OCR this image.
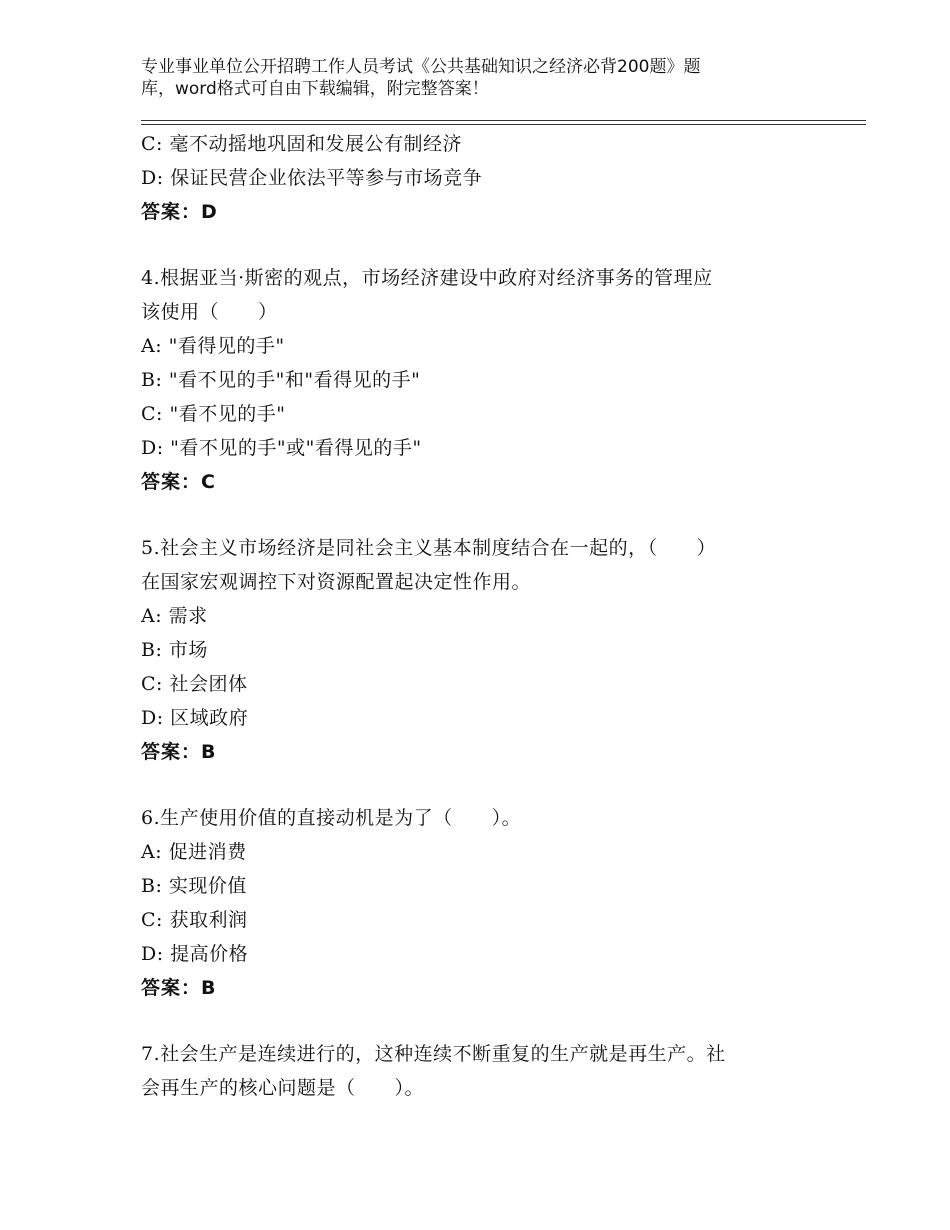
专业事业单位公开招聘工作人员考试《公共基础知识之经济必背200题》题
库，word格式可自由下载编辑，附完整答案！
C: 毫不动摇地巩固和发展公有制经济
D: 保证民营企业依法平等参与市场竞争
答案：D
4.根据亚当·斯密的观点，市场经济建设中政府对经济事务的管理应
该使用（　　）
A: "看得见的手"
B: "看不见的手"和"看得见的手"
C: "看不见的手"
D: "看不见的手"或"看得见的手"
答案：C
5.社会主义市场经济是同社会主义基本制度结合在一起的，（　　）
在国家宏观调控下对资源配置起决定性作用。
A: 需求
B: 市场
C: 社会团体
D: 区域政府
答案：B
6.生产使用价值的直接动机是为了（　　）。
A: 促进消费
B: 实现价值
C: 获取利润
D: 提高价格
答案：B
7.社会生产是连续进行的，这种连续不断重复的生产就是再生产。社
会再生产的核心问题是（　　）。
